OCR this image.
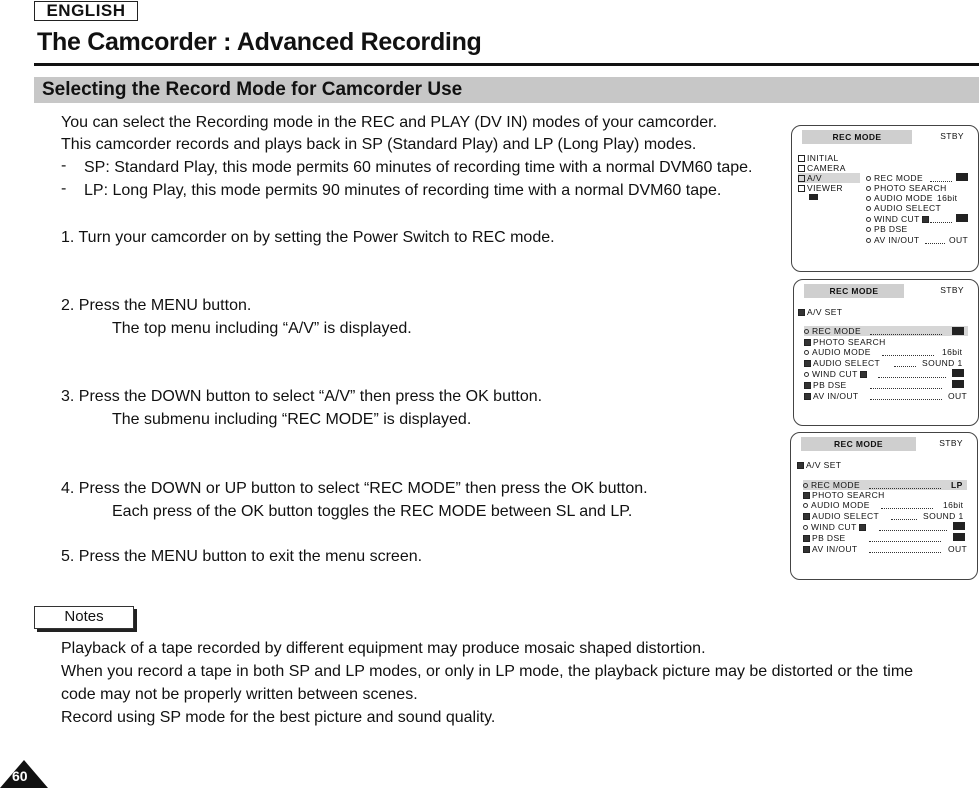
ENGLISH
The Camcorder : Advanced Recording
Selecting the Record Mode for Camcorder Use
You can select the Recording mode in the REC and PLAY (DV IN) modes of your camcorder.
This camcorder records and plays back in SP (Standard Play) and LP (Long Play) modes.
- SP: Standard Play, this mode permits 60 minutes of recording time with a normal DVM60 tape.
- LP: Long Play, this mode permits 90 minutes of recording time with a normal DVM60 tape.
1. Turn your camcorder on by setting the Power Switch to REC mode.
2. Press the MENU button.
The top menu including “A/V” is displayed.
3. Press the DOWN button to select “A/V” then press the OK button.
The submenu including “REC MODE” is displayed.
4. Press the DOWN or UP button to select “REC MODE” then press the OK button.
Each press of the OK button toggles the REC MODE between SL and LP.
5. Press the MENU button to exit the menu screen.
Notes
Playback of a tape recorded by different equipment may produce mosaic shaped distortion.
When you record a tape in both SP and LP modes, or only in LP mode, the playback picture may be distorted or the time
code may not be properly written between scenes.
Record using SP mode for the best picture and sound quality.
60
REC MODE	STBY
INITIAL
CAMERA
A/V
VIEWER
REC MODE
PHOTO SEARCH
AUDIO MODE 16bit
AUDIO SELECT
WIND CUT
PB DSE
AV IN/OUT	OUT
REC MODE	STBY
A/V SET
REC MODE
PHOTO SEARCH
AUDIO MODE	16bit
AUDIO SELECT	SOUND 1
WIND CUT
PB DSE
AV IN/OUT	OUT
REC MODE	STBY
A/V SET
REC MODE	LP
PHOTO SEARCH
AUDIO MODE	16bit
AUDIO SELECT	SOUND 1
WIND CUT
PB DSE
AV IN/OUT	OUT
